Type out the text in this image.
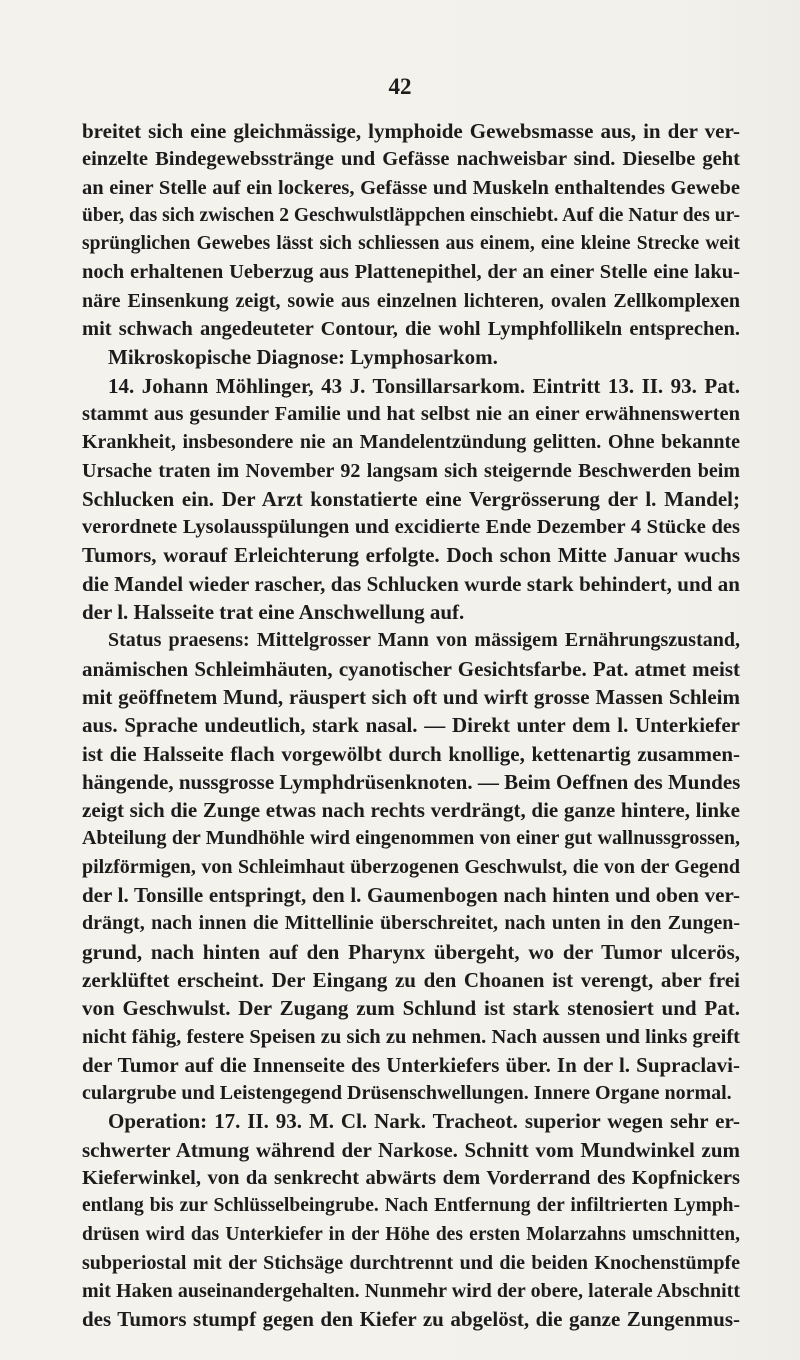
42
breitet sich eine gleichmässige, lymphoide Gewebsmasse aus, in der ver-
einzelte Bindegewebsstränge und Gefässe nachweisbar sind. Dieselbe geht
an einer Stelle auf ein lockeres, Gefässe und Muskeln enthaltendes Gewebe
über, das sich zwischen 2 Geschwulstläppchen einschiebt. Auf die Natur des ur-
sprünglichen Gewebes lässt sich schliessen aus einem, eine kleine Strecke weit
noch erhaltenen Ueberzug aus Plattenepithel, der an einer Stelle eine laku-
näre Einsenkung zeigt, sowie aus einzelnen lichteren, ovalen Zellkomplexen
mit schwach angedeuteter Contour, die wohl Lymphfollikeln entsprechen.
Mikroskopische Diagnose: Lymphosarkom.
14. Johann Möhlinger, 43 J. Tonsillarsarkom. Eintritt 13. II. 93. Pat.
stammt aus gesunder Familie und hat selbst nie an einer erwähnenswerten
Krankheit, insbesondere nie an Mandelentzündung gelitten. Ohne bekannte
Ursache traten im November 92 langsam sich steigernde Beschwerden beim
Schlucken ein. Der Arzt konstatierte eine Vergrösserung der l. Mandel;
verordnete Lysolausspülungen und excidierte Ende Dezember 4 Stücke des
Tumors, worauf Erleichterung erfolgte. Doch schon Mitte Januar wuchs
die Mandel wieder rascher, das Schlucken wurde stark behindert, und an
der l. Halsseite trat eine Anschwellung auf.
Status praesens: Mittelgrosser Mann von mässigem Ernährungszustand,
anämischen Schleimhäuten, cyanotischer Gesichtsfarbe. Pat. atmet meist
mit geöffnetem Mund, räuspert sich oft und wirft grosse Massen Schleim
aus. Sprache undeutlich, stark nasal. — Direkt unter dem l. Unterkiefer
ist die Halsseite flach vorgewölbt durch knollige, kettenartig zusammen-
hängende, nussgrosse Lymphdrüsenknoten. — Beim Oeffnen des Mundes
zeigt sich die Zunge etwas nach rechts verdrängt, die ganze hintere, linke
Abteilung der Mundhöhle wird eingenommen von einer gut wallnussgrossen,
pilzförmigen, von Schleimhaut überzogenen Geschwulst, die von der Gegend
der l. Tonsille entspringt, den l. Gaumenbogen nach hinten und oben ver-
drängt, nach innen die Mittellinie überschreitet, nach unten in den Zungen-
grund, nach hinten auf den Pharynx übergeht, wo der Tumor ulcerös,
zerklüftet erscheint. Der Eingang zu den Choanen ist verengt, aber frei
von Geschwulst. Der Zugang zum Schlund ist stark stenosiert und Pat.
nicht fähig, festere Speisen zu sich zu nehmen. Nach aussen und links greift
der Tumor auf die Innenseite des Unterkiefers über. In der l. Supraclavi-
culargrube und Leistengegend Drüsenschwellungen. Innere Organe normal.
Operation: 17. II. 93. M. Cl. Nark. Tracheot. superior wegen sehr er-
schwerter Atmung während der Narkose. Schnitt vom Mundwinkel zum
Kieferwinkel, von da senkrecht abwärts dem Vorderrand des Kopfnickers
entlang bis zur Schlüsselbeingrube. Nach Entfernung der infiltrierten Lymph-
drüsen wird das Unterkiefer in der Höhe des ersten Molarzahns umschnitten,
subperiostal mit der Stichsäge durchtrennt und die beiden Knochenstümpfe
mit Haken auseinandergehalten. Nunmehr wird der obere, laterale Abschnitt
des Tumors stumpf gegen den Kiefer zu abgelöst, die ganze Zungenmus-
